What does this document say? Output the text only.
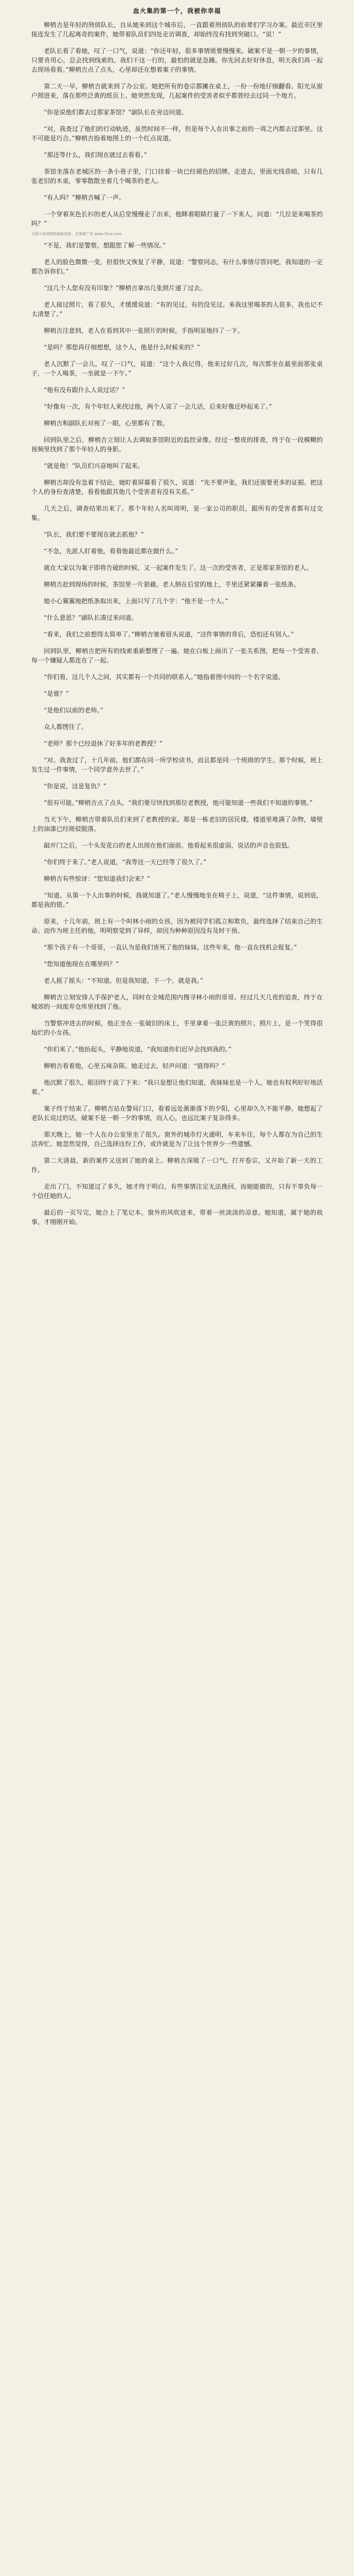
血火集的第一个，我被你幸福

柳梢吉是年轻的刑侦队长，自从她来到这个城市后，一直跟着刑侦队的前辈们学习办案。最近市区里接连发生了几起离奇的案件，她带着队员们四处走访调查，却始终没有找到突破口。“说！”

老队长看了看她，叹了一口气，说道：“你还年轻，很多事情需要慢慢来。破案不是一朝一夕的事情，只要肯用心，总会找到线索的。我们干这一行的，最怕的就是急躁。你先回去好好休息，明天我们再一起去现场看看。”柳梢吉点了点头，心里却还在想着案子的事情。

第二天一早，柳梢吉就来到了办公室。她把所有的卷宗都摊在桌上，一份一份地仔细翻看。阳光从窗户照进来，落在那些泛黄的纸页上。她突然发现，几起案件的受害者似乎都曾经去过同一个地方。

“你是说他们都去过那家茶馆？”副队长在旁边问道。

“对，我查过了他们的行动轨迹，虽然时间不一样，但是每个人在出事之前的一周之内都去过那里。这不可能是巧合。”柳梢吉指着地图上的一个红点说道。

“那还等什么，我们现在就过去看看。”

茶馆坐落在老城区的一条小巷子里，门口挂着一块已经褪色的招牌。走进去，里面光线昏暗，只有几张老旧的木桌，零零散散坐着几个喝茶的老人。

“有人吗？”柳梢吉喊了一声。

一个穿着灰色长衫的老人从后堂慢慢走了出来，他眯着眼睛打量了一下来人，问道：“几位是来喝茶的吗？”

无图小说网提供最新更新，无弹窗广告 www.7kvz.com

“不是，我们是警察，想跟您了解一些情况。”

老人的脸色微微一变，但很快又恢复了平静，说道：“警察同志，有什么事情尽管问吧，我知道的一定都告诉你们。”

“这几个人您有没有印象？”柳梢吉拿出几张照片递了过去。

老人接过照片，看了很久，才缓缓说道：“有的见过，有的没见过。来我这里喝茶的人很多，我也记不太清楚了。”

柳梢吉注意到，老人在看到其中一张照片的时候，手指明显地抖了一下。

“是吗？那您再仔细想想，这个人，他是什么时候来的？”

老人沉默了一会儿，叹了一口气，说道：“这个人我记得，他来过好几次，每次都坐在最里面那张桌子，一个人喝茶，一坐就是一下午。”

“他有没有跟什么人说过话？”

“好像有一次，有个年轻人来找过他，两个人说了一会儿话，后来好像还吵起来了。”

柳梢吉和副队长对视了一眼，心里都有了数。

回到队里之后，柳梢吉立刻让人去调取茶馆附近的监控录像。经过一整夜的排查，终于在一段模糊的视频里找到了那个年轻人的身影。

“就是他！”队员们兴奋地叫了起来。

柳梢吉却没有急着下结论，她盯着屏幕看了很久，说道：“先不要声张，我们还需要更多的证据。把这个人的身份查清楚，看看他跟其他几个受害者有没有关系。”

几天之后，调查结果出来了。那个年轻人名叫周明，是一家公司的职员，跟所有的受害者都有过交集。

“队长，我们要不要现在就去抓他？”

“不急，先派人盯着他，看看他最近都在做什么。”

就在大家以为案子即将告破的时候，又一起案件发生了。这一次的受害者，正是那家茶馆的老人。

柳梢吉赶到现场的时候，茶馆里一片狼藉，老人倒在后堂的地上，手里还紧紧攥着一张纸条。

她小心翼翼地把纸条取出来，上面只写了几个字：“他不是一个人。”

“什么意思？”副队长凑过来问道。

“看来，我们之前想得太简单了。”柳梢吉皱着眉头说道，“这件事情的背后，恐怕还有别人。”

回到队里，柳梢吉把所有的线索重新整理了一遍。她在白板上画出了一张关系图，把每一个受害者、每一个嫌疑人都连在了一起。

“你们看，这几个人之间，其实都有一个共同的联系人。”她指着图中间的一个名字说道。

“是谁？”

“是他们以前的老师。”

众人都愣住了。

“老师？那个已经退休了好多年的老教授？”

“对。我查过了，十几年前，他们都在同一所学校读书，而且都是同一个班级的学生。那个时候，班上发生过一件事情，一个同学意外去世了。”

“你是说，这是复仇？”

“很有可能。”柳梢吉点了点头，“我们要尽快找到那位老教授，他可能知道一些我们不知道的事情。”

当天下午，柳梢吉带着队员们来到了老教授的家。那是一栋老旧的居民楼，楼道里堆满了杂物，墙壁上的油漆已经斑驳脱落。

敲开门之后，一个头发花白的老人出现在他们面前。他看起来很虚弱，说话的声音也很低。

“你们终于来了。”老人说道，“我等这一天已经等了很久了。”

柳梢吉有些惊讶：“您知道我们会来？”

“知道。从第一个人出事的时候，我就知道了。”老人慢慢地坐在椅子上，说道，“这件事情，说到底，都是我的错。”

原来，十几年前，班上有一个叫林小雨的女孩，因为被同学们孤立和欺负，最终选择了结束自己的生命。而作为班主任的他，明明察觉到了异样，却因为种种原因没有及时干预。

“那个孩子有一个哥哥，一直认为是我们害死了他的妹妹。这些年来，他一直在找机会报复。”

“您知道他现在在哪里吗？”

老人摇了摇头：“不知道。但是我知道，下一个，就是我。”

柳梢吉立刻安排人手保护老人，同时在全城范围内搜寻林小雨的哥哥。经过几天几夜的追查，终于在城郊的一间废弃仓库里找到了他。

当警察冲进去的时候，他正坐在一张破旧的床上，手里拿着一张泛黄的照片。照片上，是一个笑得很灿烂的小女孩。

“你们来了。”他抬起头，平静地说道，“我知道你们迟早会找到我的。”

柳梢吉看着他，心里五味杂陈。她走过去，轻声问道：“值得吗？”

他沉默了很久，眼泪终于流了下来：“我只是想让他们知道，我妹妹也是一个人，她也有权利好好地活着。”

案子终于结束了。柳梢吉站在警局门口，看着远处渐渐落下的夕阳，心里却久久不能平静。她想起了老队长说过的话，破案不是一朝一夕的事情，而人心，也远比案子复杂得多。

那天晚上，她一个人在办公室里坐了很久。窗外的城市灯火通明，车来车往，每个人都在为自己的生活奔忙。她忽然觉得，自己选择这份工作，或许就是为了让这个世界少一些遗憾。

第二天清晨，新的案件又送到了她的桌上。柳梢吉深吸了一口气，打开卷宗，又开始了新一天的工作。

走出了门，不知道过了多久，她才终于明白，有些事情注定无法挽回，而她能做的，只有不辜负每一个信任她的人。

最后的一页写完，她合上了笔记本。窗外的风吹进来，带着一丝淡淡的凉意。她知道，属于她的故事，才刚刚开始。
